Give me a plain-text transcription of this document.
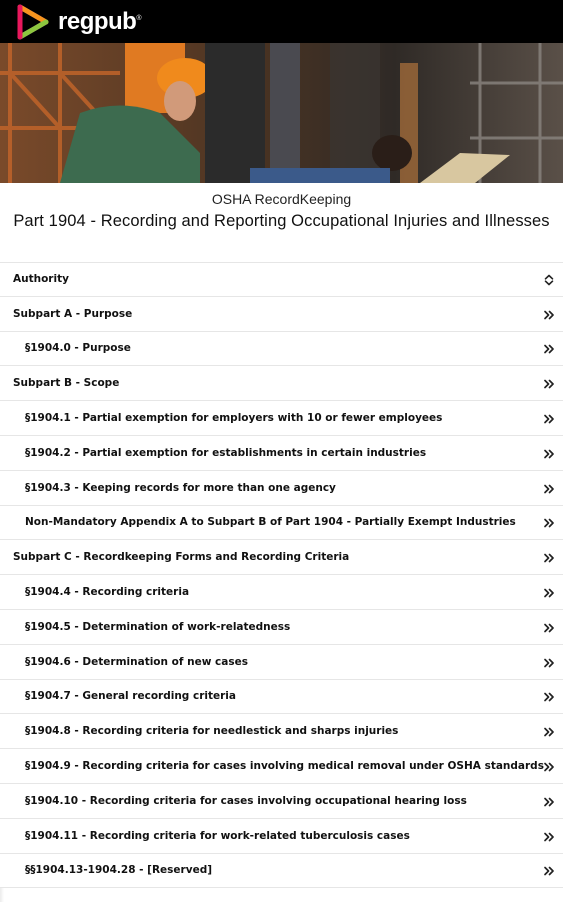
regpub®
OSHA RecordKeeping
Part 1904 - Recording and Reporting Occupational Injuries and Illnesses
Authority
Subpart A - Purpose
§1904.0 - Purpose
Subpart B - Scope
§1904.1 - Partial exemption for employers with 10 or fewer employees
§1904.2 - Partial exemption for establishments in certain industries
§1904.3 - Keeping records for more than one agency
Non-Mandatory Appendix A to Subpart B of Part 1904 - Partially Exempt Industries
Subpart C - Recordkeeping Forms and Recording Criteria
§1904.4 - Recording criteria
§1904.5 - Determination of work-relatedness
§1904.6 - Determination of new cases
§1904.7 - General recording criteria
§1904.8 - Recording criteria for needlestick and sharps injuries
§1904.9 - Recording criteria for cases involving medical removal under OSHA standards
§1904.10 - Recording criteria for cases involving occupational hearing loss
§1904.11 - Recording criteria for work-related tuberculosis cases
§§1904.13-1904.28 - [Reserved]
